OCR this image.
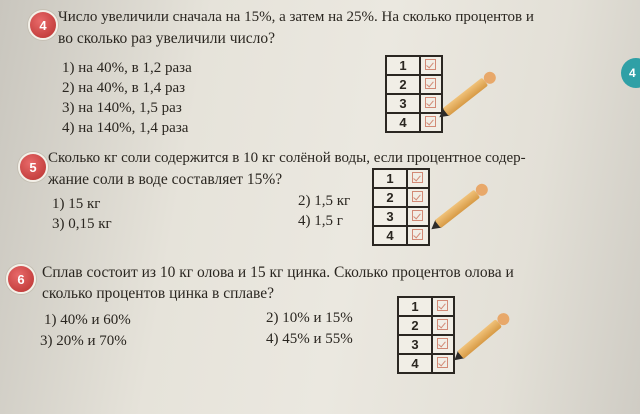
4 Число увеличили сначала на 15%, а затем на 25%. На сколько процентов и
во сколько раз увеличили число?
1) на 40%, в 1,2 раза
2) на 40%, в 1,4 раз
3) на 140%, 1,5 раз
4) на 140%, 1,4 раза
1	

2	

3	

4	
5
Сколько кг соли содержится в 10 кг солёной воды, если процентное содер-
жание соли в воде составляет 15%?
1) 15 кг	2) 1,5 кг
3) 0,15 кг	4) 1,5 г
1	

2	

3	

4	
6	Сплав состоит из 10 кг олова и 15 кг цинка. Сколько процентов олова и
сколько процентов цинка в сплаве?
1) 40% и 60%	2) 10% и 15%
3) 20% и 70%	4) 45% и 55%
1	

2	

3	

4	
4
